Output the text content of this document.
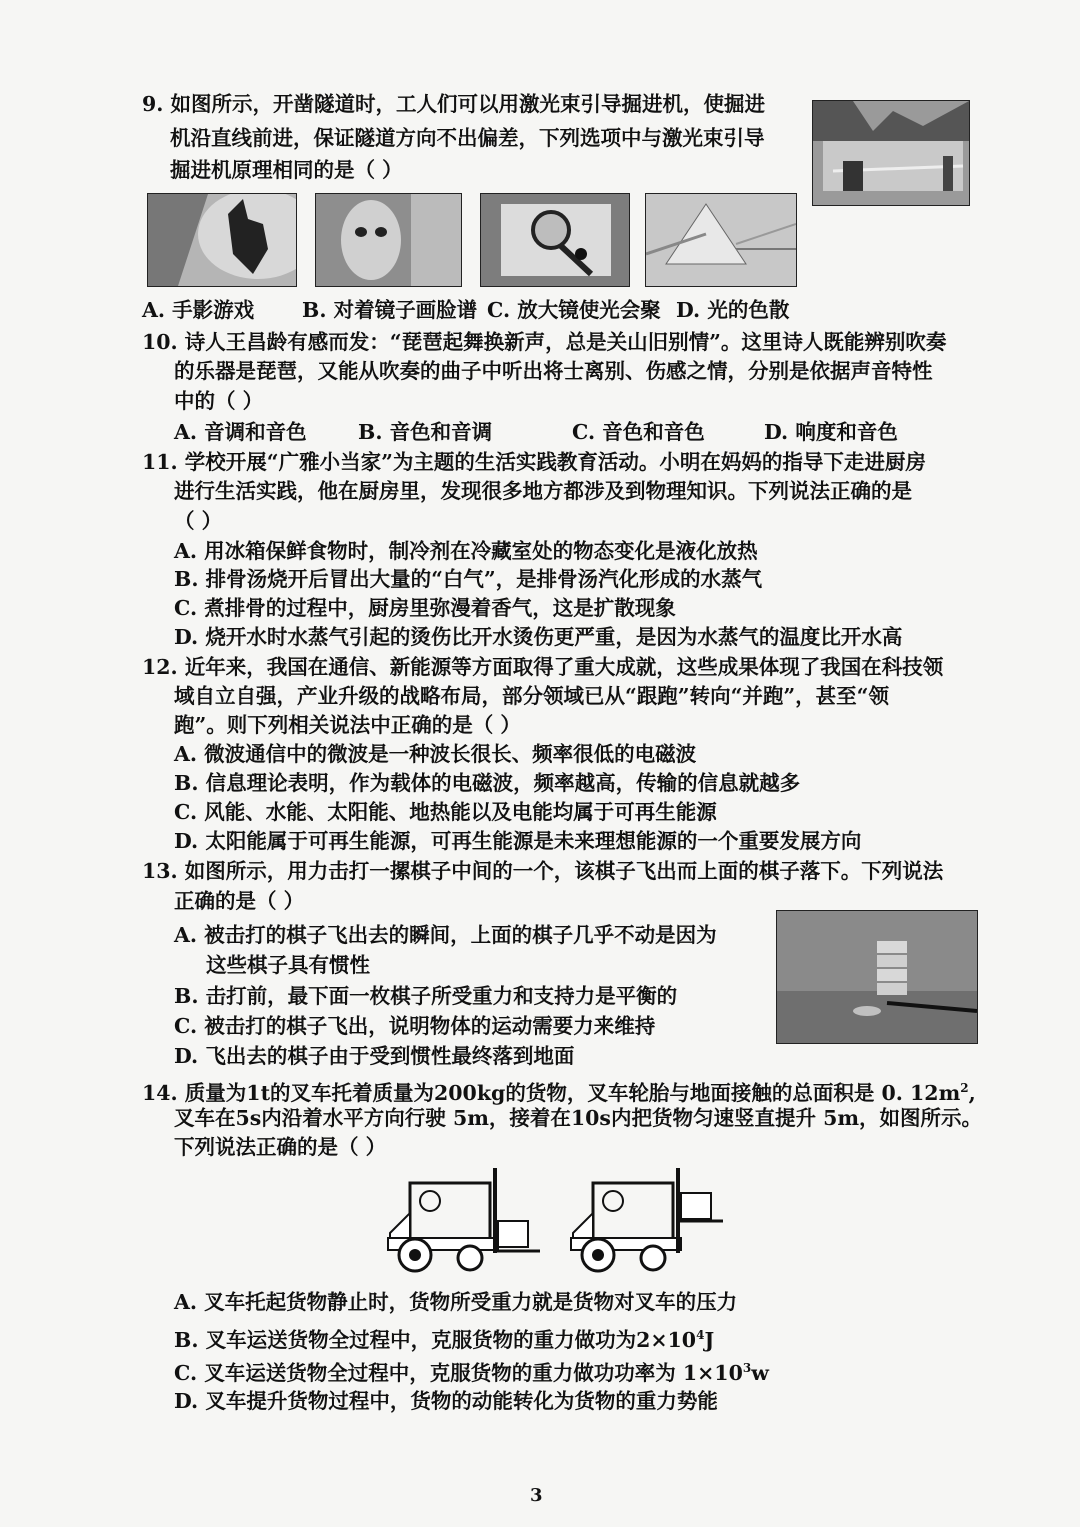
9. 如图所示，开凿隧道时，工人们可以用激光束引导掘进机，使掘进
机沿直线前进，保证隧道方向不出偏差，下列选项中与激光束引导
掘进机原理相同的是（ ）
A. 手影游戏 B. 对着镜子画脸谱 C. 放大镜使光会聚 D. 光的色散
10. 诗人王昌龄有感而发：“琵琶起舞换新声，总是关山旧别情”。这里诗人既能辨别吹奏
的乐器是琵琶，又能从吹奏的曲子中听出将士离别、伤感之情，分别是依据声音特性
中的（ ）
A. 音调和音色	B. 音色和音调	C. 音色和音色	D. 响度和音色
11. 学校开展“广雅小当家”为主题的生活实践教育活动。小明在妈妈的指导下走进厨房
进行生活实践，他在厨房里，发现很多地方都涉及到物理知识。下列说法正确的是
（ ）
A. 用冰箱保鲜食物时，制冷剂在冷藏室处的物态变化是液化放热
B. 排骨汤烧开后冒出大量的“白气”，是排骨汤汽化形成的水蒸气
C. 煮排骨的过程中，厨房里弥漫着香气，这是扩散现象
D. 烧开水时水蒸气引起的烫伤比开水烫伤更严重，是因为水蒸气的温度比开水高
12. 近年来，我国在通信、新能源等方面取得了重大成就，这些成果体现了我国在科技领
域自立自强，产业升级的战略布局，部分领域已从“跟跑”转向“并跑”，甚至“领
跑”。则下列相关说法中正确的是（ ）
A. 微波通信中的微波是一种波长很长、频率很低的电磁波
B. 信息理论表明，作为载体的电磁波，频率越高，传输的信息就越多
C. 风能、水能、太阳能、地热能以及电能均属于可再生能源
D. 太阳能属于可再生能源，可再生能源是未来理想能源的一个重要发展方向
13. 如图所示，用力击打一摞棋子中间的一个，该棋子飞出而上面的棋子落下。下列说法
正确的是（ ）
A. 被击打的棋子飞出去的瞬间，上面的棋子几乎不动是因为
这些棋子具有惯性
B. 击打前，最下面一枚棋子所受重力和支持力是平衡的
C. 被击打的棋子飞出，说明物体的运动需要力来维持
D. 飞出去的棋子由于受到惯性最终落到地面
14. 质量为1t的叉车托着质量为200kg的货物，叉车轮胎与地面接触的总面积是 0. $12m^2$,
叉车在5s内沿着水平方向行驶 5m，接着在10s内把货物匀速竖直提升 5m，如图所示。
下列说法正确的是（ ）
A. 叉车托起货物静止时，货物所受重力就是货物对叉车的压力
B. 叉车运送货物全过程中，克服货物的重力做功为$2\times 10^4J$
C. 叉车运送货物全过程中，克服货物的重力做功功率为 $1\times 10^3w$
D. 叉车提升货物过程中，货物的动能转化为货物的重力势能
3
